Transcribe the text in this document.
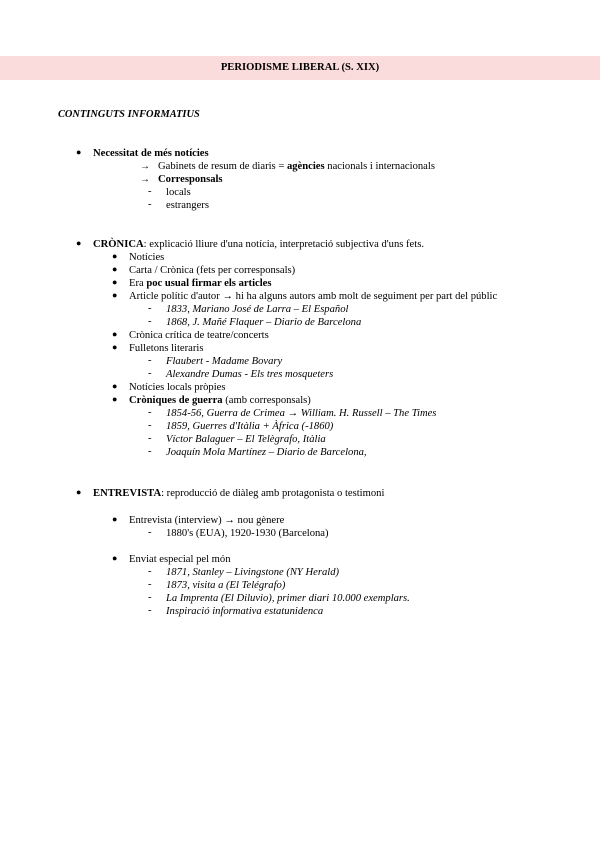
PERIODISME LIBERAL (S. XIX)
CONTINGUTS INFORMATIUS
● Necessitat de més notícies
→ Gabinets de resum de diaris = agències nacionals i internacionals
→ Corresponsals
- locals
- estrangers
● CRÒNICA: explicació lliure d'una notícia, interpretació subjectiva d'uns fets.
● Notícies
● Carta / Crònica (fets per corresponsals)
● Era poc usual firmar els articles
● Article polític d'autor → hi ha alguns autors amb molt de seguiment per part del públic
- 1833, Mariano José de Larra – El Español
- 1868, J. Mañé Flaquer – Diario de Barcelona
● Crònica crítica de teatre/concerts
● Fulletons literaris
- Flaubert - Madame Bovary
- Alexandre Dumas - Els tres mosqueters
● Notícies locals pròpies
● Cròniques de guerra (amb corresponsals)
- 1854-56, Guerra de Crimea → William. H. Russell – The Times
- 1859, Guerres d'Itàlia + Àfrica (-1860)
- Víctor Balaguer – El Telègrafo, Itàlia
- Joaquín Mola Martínez – Diario de Barcelona,
● ENTREVISTA: reproducció de diàleg amb protagonista o testimoni
● Entrevista (interview) → nou gènere
- 1880's (EUA), 1920-1930 (Barcelona)
● Enviat especial pel món
- 1871, Stanley – Livingstone (NY Herald)
- 1873, visita a (El Telégrafo)
- La Imprenta (El Diluvio), primer diari 10.000 exemplars.
- Inspiració informativa estatunidenca
